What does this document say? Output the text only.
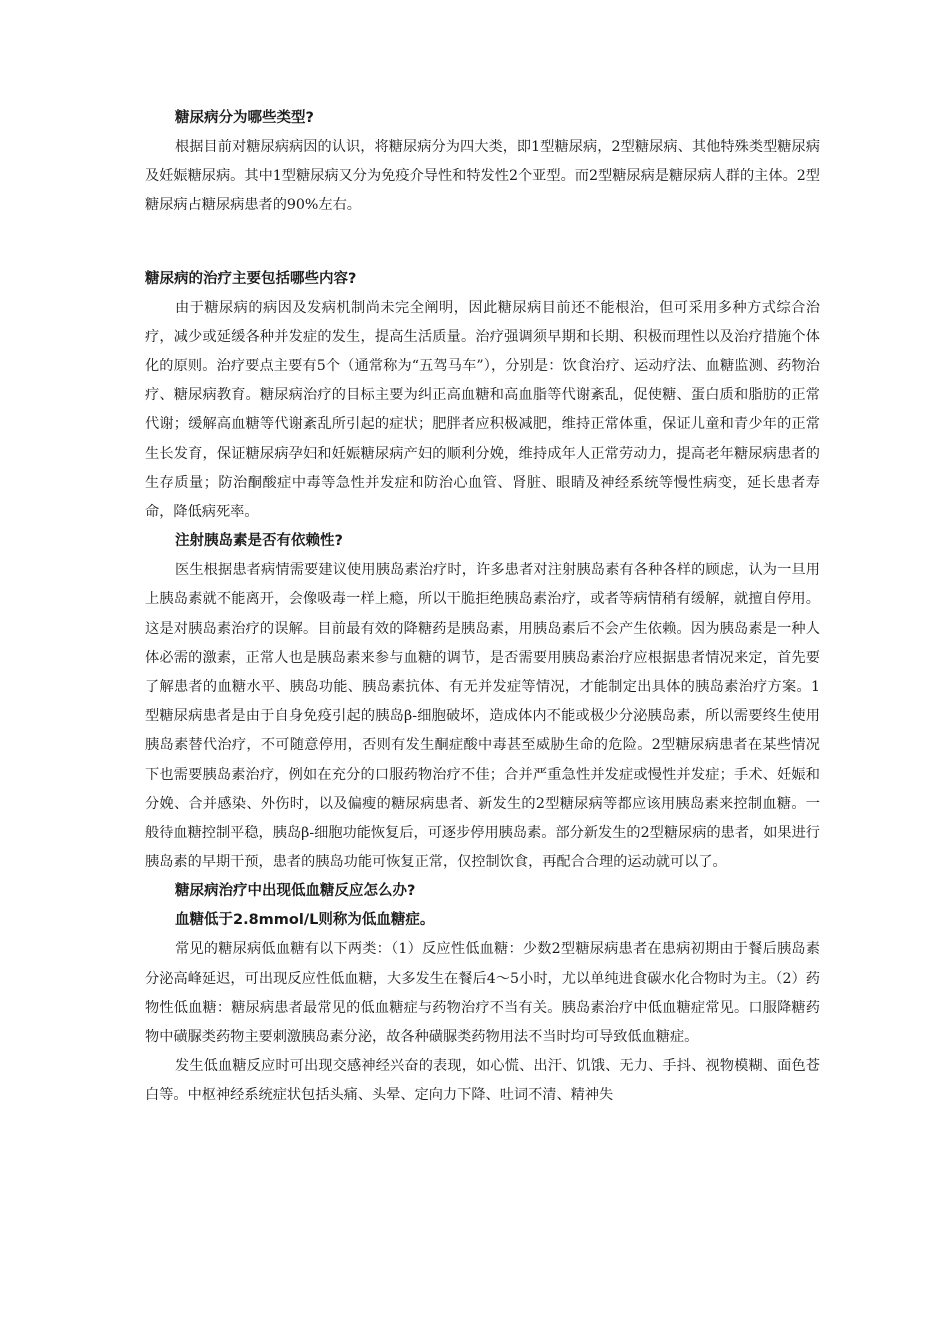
糖尿病分为哪些类型?

根据目前对糖尿病病因的认识，将糖尿病分为四大类，即1型糖尿病，2型糖尿病、其他特殊类型糖尿病及妊娠糖尿病。其中1型糖尿病又分为免疫介导性和特发性2个亚型。而2型糖尿病是糖尿病人群的主体。2型糖尿病占糖尿病患者的90%左右。

糖尿病的治疗主要包括哪些内容?

由于糖尿病的病因及发病机制尚未完全阐明，因此糖尿病目前还不能根治，但可采用多种方式综合治疗，减少或延缓各种并发症的发生，提高生活质量。治疗强调须早期和长期、积极而理性以及治疗措施个体化的原则。治疗要点主要有5个（通常称为“五驾马车”），分别是：饮食治疗、运动疗法、血糖监测、药物治疗、糖尿病教育。糖尿病治疗的目标主要为纠正高血糖和高血脂等代谢紊乱，促使糖、蛋白质和脂肪的正常代谢；缓解高血糖等代谢紊乱所引起的症状；肥胖者应积极减肥，维持正常体重，保证儿童和青少年的正常生长发育，保证糖尿病孕妇和妊娠糖尿病产妇的顺利分娩，维持成年人正常劳动力，提高老年糖尿病患者的生存质量；防治酮酸症中毒等急性并发症和防治心血管、肾脏、眼睛及神经系统等慢性病变，延长患者寿命，降低病死率。

注射胰岛素是否有依赖性?

医生根据患者病情需要建议使用胰岛素治疗时，许多患者对注射胰岛素有各种各样的顾虑，认为一旦用上胰岛素就不能离开，会像吸毒一样上瘾，所以干脆拒绝胰岛素治疗，或者等病情稍有缓解，就擅自停用。这是对胰岛素治疗的误解。目前最有效的降糖药是胰岛素，用胰岛素后不会产生依赖。因为胰岛素是一种人体必需的激素，正常人也是胰岛素来参与血糖的调节，是否需要用胰岛素治疗应根据患者情况来定，首先要了解患者的血糖水平、胰岛功能、胰岛素抗体、有无并发症等情况，才能制定出具体的胰岛素治疗方案。1型糖尿病患者是由于自身免疫引起的胰岛β-细胞破坏，造成体内不能或极少分泌胰岛素，所以需要终生使用胰岛素替代治疗，不可随意停用，否则有发生酮症酸中毒甚至威胁生命的危险。2型糖尿病患者在某些情况下也需要胰岛素治疗，例如在充分的口服药物治疗不佳；合并严重急性并发症或慢性并发症；手术、妊娠和分娩、合并感染、外伤时，以及偏瘦的糖尿病患者、新发生的2型糖尿病等都应该用胰岛素来控制血糖。一般待血糖控制平稳，胰岛β-细胞功能恢复后，可逐步停用胰岛素。部分新发生的2型糖尿病的患者，如果进行胰岛素的早期干预，患者的胰岛功能可恢复正常，仅控制饮食，再配合合理的运动就可以了。

糖尿病治疗中出现低血糖反应怎么办?
血糖低于2.8mmol/L则称为低血糖症。

常见的糖尿病低血糖有以下两类：（1）反应性低血糖：少数2型糖尿病患者在患病初期由于餐后胰岛素分泌高峰延迟，可出现反应性低血糖，大多发生在餐后4～5小时，尤以单纯进食碳水化合物时为主。（2）药物性低血糖：糖尿病患者最常见的低血糖症与药物治疗不当有关。胰岛素治疗中低血糖症常见。口服降糖药物中磺脲类药物主要刺激胰岛素分泌，故各种磺脲类药物用法不当时均可导致低血糖症。

发生低血糖反应时可出现交感神经兴奋的表现，如心慌、出汗、饥饿、无力、手抖、视物模糊、面色苍白等。中枢神经系统症状包括头痛、头晕、定向力下降、吐词不清、精神失
